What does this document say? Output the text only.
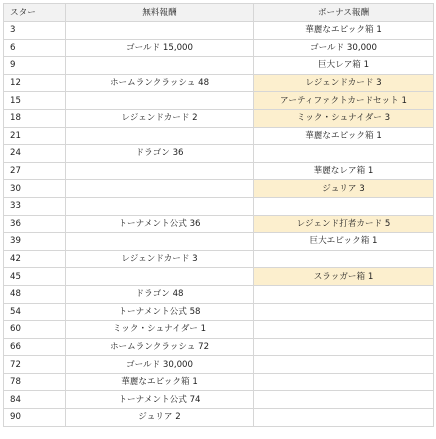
スター	無料報酬	ボーナス報酬
3		華麗なエピック箱 1
6	ゴールド 15,000	ゴールド 30,000
9		巨大レア箱 1
12	ホームランクラッシュ 48	レジェンドカード 3
15		アーティファクトカードセット 1
18	レジェンドカード 2	ミック・シュナイダー 3
21		華麗なエピック箱 1
24	ドラゴン 36	
27		華麗なレア箱 1
30		ジュリア 3
33		
36	トーナメント公式 36	レジェンド打者カード 5
39		巨大エピック箱 1
42	レジェンドカード 3	
45		スラッガー箱 1
48	ドラゴン 48	
54	トーナメント公式 58	
60	ミック・シュナイダー 1	
66	ホームランクラッシュ 72	
72	ゴールド 30,000	
78	華麗なエピック箱 1	
84	トーナメント公式 74	
90	ジュリア 2	
